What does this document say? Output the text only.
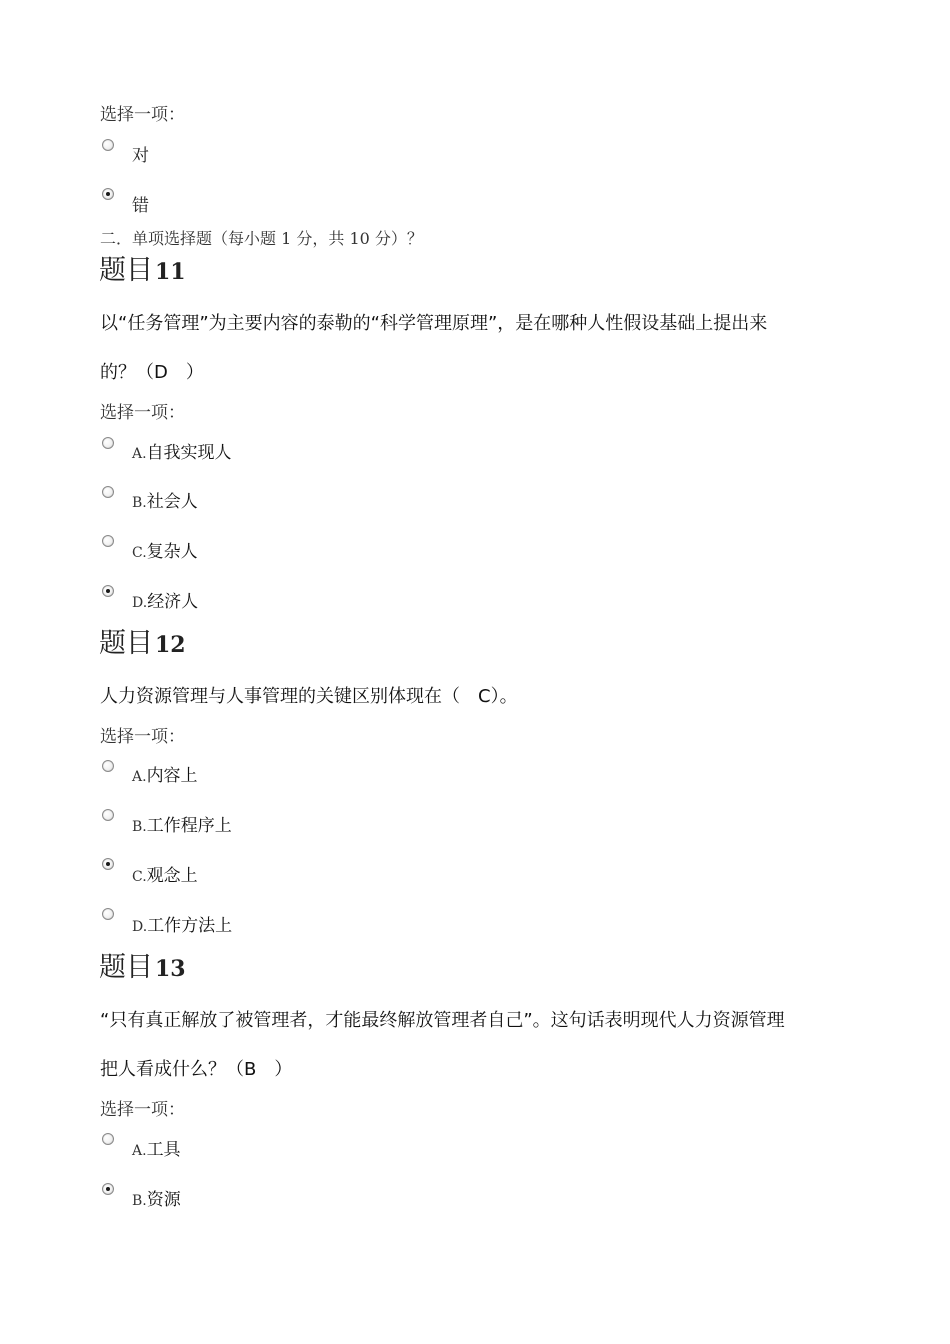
选择一项：
对
错
二．单项选择题（每小题 1 分，共 10 分）？
题目11
以“任务管理”为主要内容的泰勒的“科学管理原理”，是在哪种人性假设基础上提出来
的？（D　）
选择一项：
A.自我实现人
B.社会人
C.复杂人
D.经济人
题目12
人力资源管理与人事管理的关键区别体现在（　C）。
选择一项：
A.内容上
B.工作程序上
C.观念上
D.工作方法上
题目13
“只有真正解放了被管理者，才能最终解放管理者自己”。这句话表明现代人力资源管理
把人看成什么？（B　）
选择一项：
A.工具
B.资源
